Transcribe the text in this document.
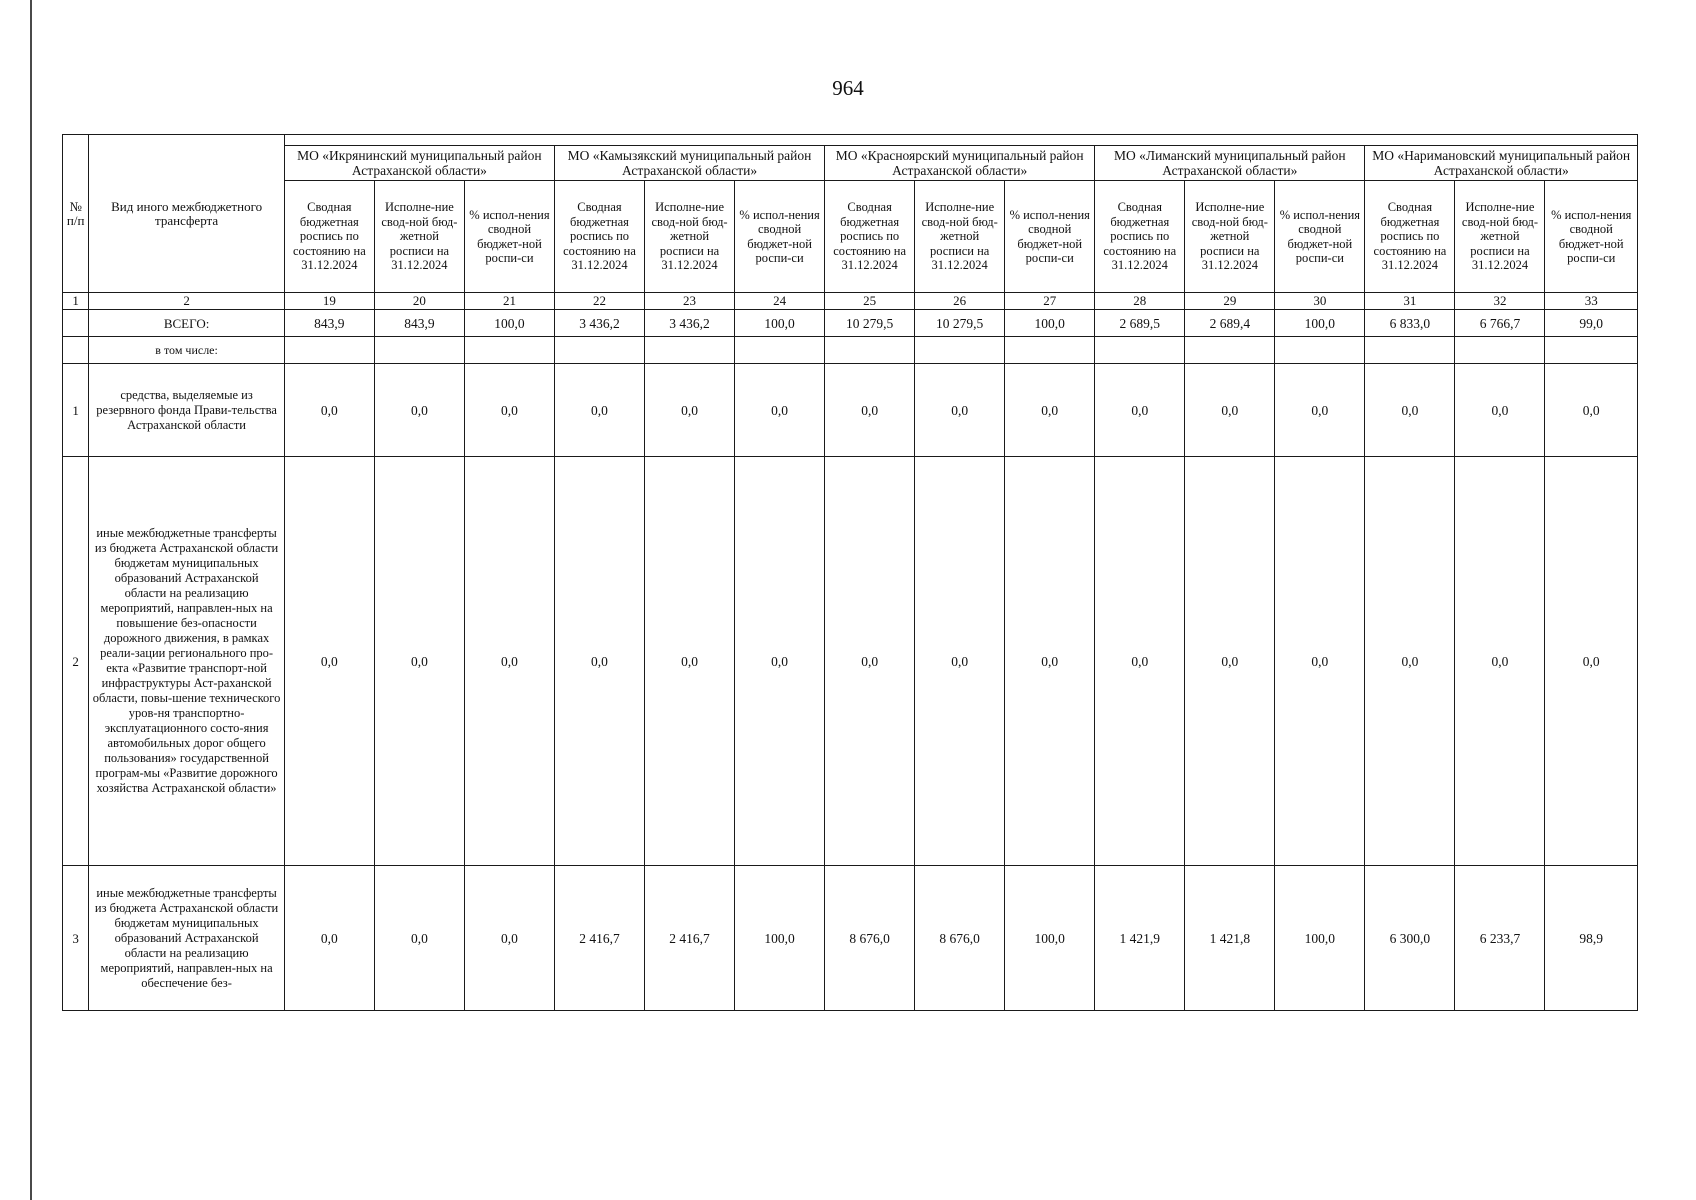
964
№ п/п	Вид иного межбюджетного трансферта															
		МО «Икрянинский муниципальный район Астраханской области»			МО «Камызякский муниципальный район Астраханской области»			МО «Красноярский муниципальный район Астраханской области»			МО «Лиманский муниципальный район Астраханской области»			МО «Наримановский муниципальный район Астраханской области»		
		Сводная бюджетная роспись по состоянию на 31.12.2024	Исполне-ние свод-ной бюд-жетной росписи на 31.12.2024	% испол-нения сводной бюджет-ной роспи-си	Сводная бюджетная роспись по состоянию на 31.12.2024	Исполне-ние свод-ной бюд-жетной росписи на 31.12.2024	% испол-нения сводной бюджет-ной роспи-си	Сводная бюджетная роспись по состоянию на 31.12.2024	Исполне-ние свод-ной бюд-жетной росписи на 31.12.2024	% испол-нения сводной бюджет-ной роспи-си	Сводная бюджетная роспись по состоянию на 31.12.2024	Исполне-ние свод-ной бюд-жетной росписи на 31.12.2024	% испол-нения сводной бюджет-ной роспи-си	Сводная бюджетная роспись по состоянию на 31.12.2024	Исполне-ние свод-ной бюд-жетной росписи на 31.12.2024	% испол-нения сводной бюджет-ной роспи-си
1	2	19	20	21	22	23	24	25	26	27	28	29	30	31	32	33
	ВСЕГО:	843,9	843,9	100,0	3 436,2	3 436,2	100,0	10 279,5	10 279,5	100,0	2 689,5	2 689,4	100,0	6 833,0	6 766,7	99,0
	в том числе:															
1	средства, выделяемые из резервного фонда Прави-тельства Астраханской области	0,0	0,0	0,0	0,0	0,0	0,0	0,0	0,0	0,0	0,0	0,0	0,0	0,0	0,0	0,0
2	иные межбюджетные трансферты из бюджета Астраханской области бюджетам муниципальных образований Астраханской области на реализацию мероприятий, направлен-ных на повышение без-опасности дорожного движения, в рамках реали-зации регионального про-екта «Развитие транспорт-ной инфраструктуры Аст-раханской области, повы-шение технического уров-ня транспортно-эксплуатационного состо-яния автомобильных дорог общего пользования» государственной програм-мы «Развитие дорожного хозяйства Астраханской области»	0,0	0,0	0,0	0,0	0,0	0,0	0,0	0,0	0,0	0,0	0,0	0,0	0,0	0,0	0,0
3	иные межбюджетные трансферты из бюджета Астраханской области бюджетам муниципальных образований Астраханской области на реализацию мероприятий, направлен-ных на обеспечение без-	0,0	0,0	0,0	2 416,7	2 416,7	100,0	8 676,0	8 676,0	100,0	1 421,9	1 421,8	100,0	6 300,0	6 233,7	98,9
